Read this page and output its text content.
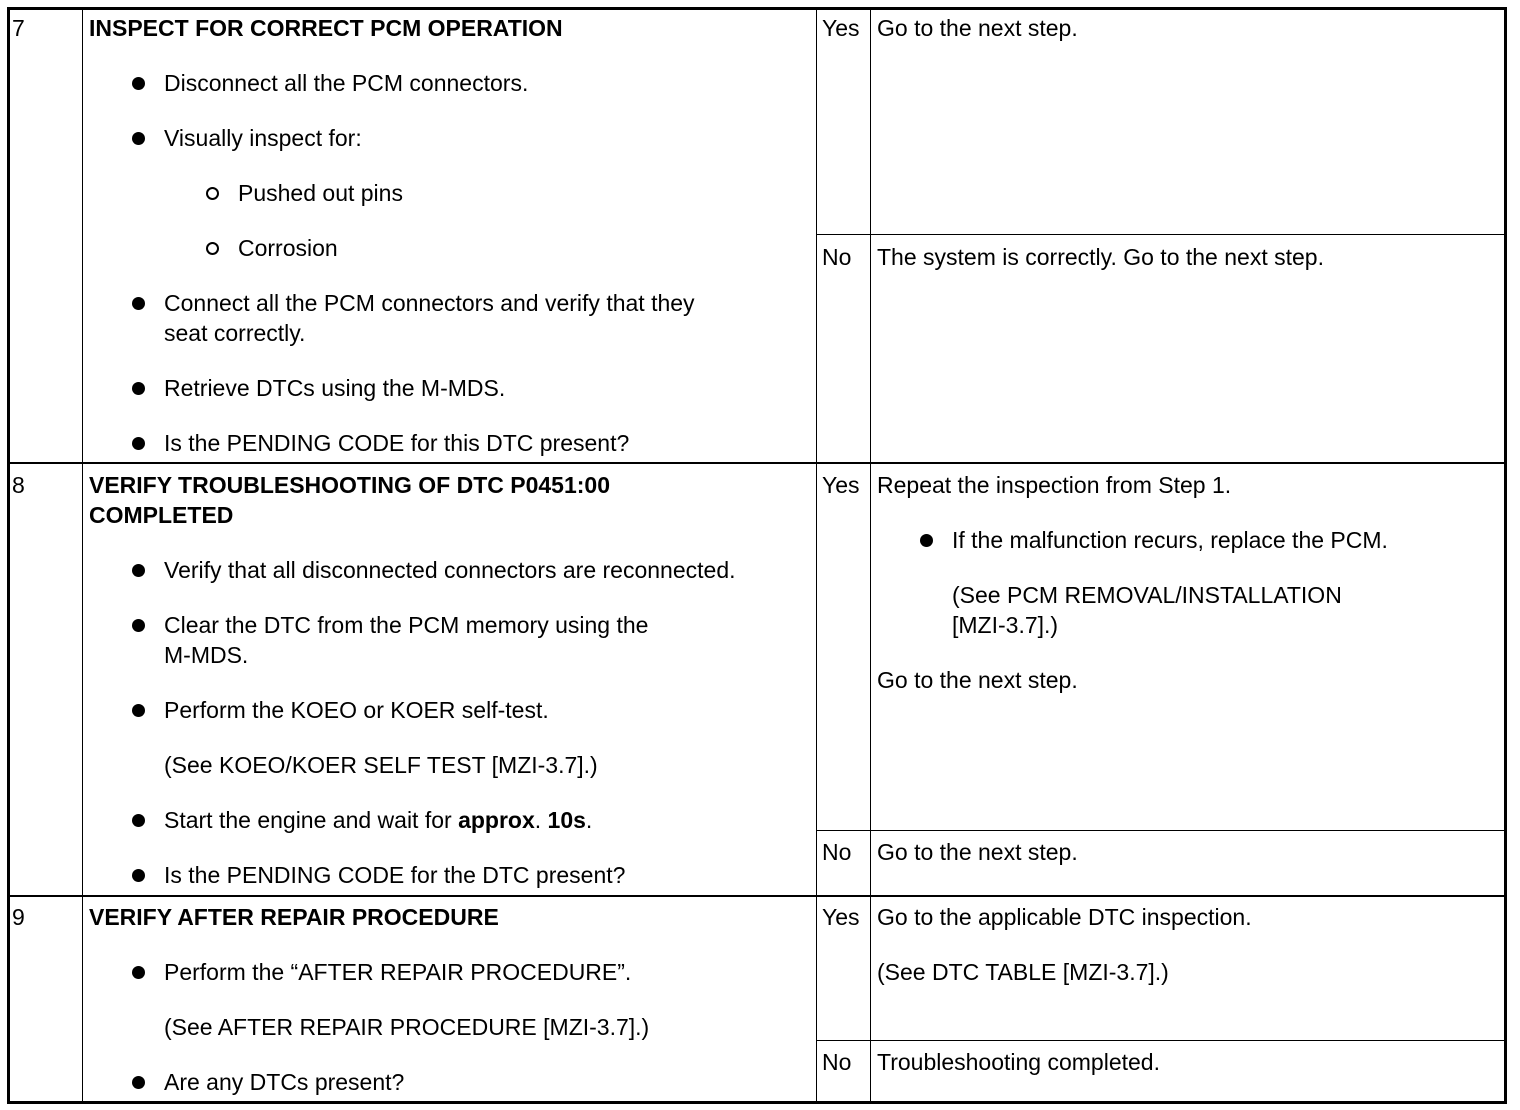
7	INSPECT FOR CORRECT PCM OPERATION
Disconnect all the PCM connectors.
Visually inspect for:
Pushed out pins
Corrosion
Connect all the PCM connectors and verify that they
seat correctly.
Retrieve DTCs using the M-MDS.
Is the PENDING CODE for this DTC present?
Yes Go to the next step.
No The system is correctly. Go to the next step.
8	VERIFY TROUBLESHOOTING OF DTC P0451:00
COMPLETED
Verify that all disconnected connectors are reconnected.
Clear the DTC from the PCM memory using the
M-MDS.
Perform the KOEO or KOER self-test.
(See KOEO/KOER SELF TEST [MZI-3.7].)
Start the engine and wait for approx. 10s.
Is the PENDING CODE for the DTC present?
Yes Repeat the inspection from Step 1.
If the malfunction recurs, replace the PCM.
(See PCM REMOVAL/INSTALLATION
[MZI-3.7].)
Go to the next step.
No Go to the next step.
9	VERIFY AFTER REPAIR PROCEDURE
Perform the “AFTER REPAIR PROCEDURE”.
(See AFTER REPAIR PROCEDURE [MZI-3.7].)
Are any DTCs present?
Yes Go to the applicable DTC inspection.
(See DTC TABLE [MZI-3.7].)
No Troubleshooting completed.
